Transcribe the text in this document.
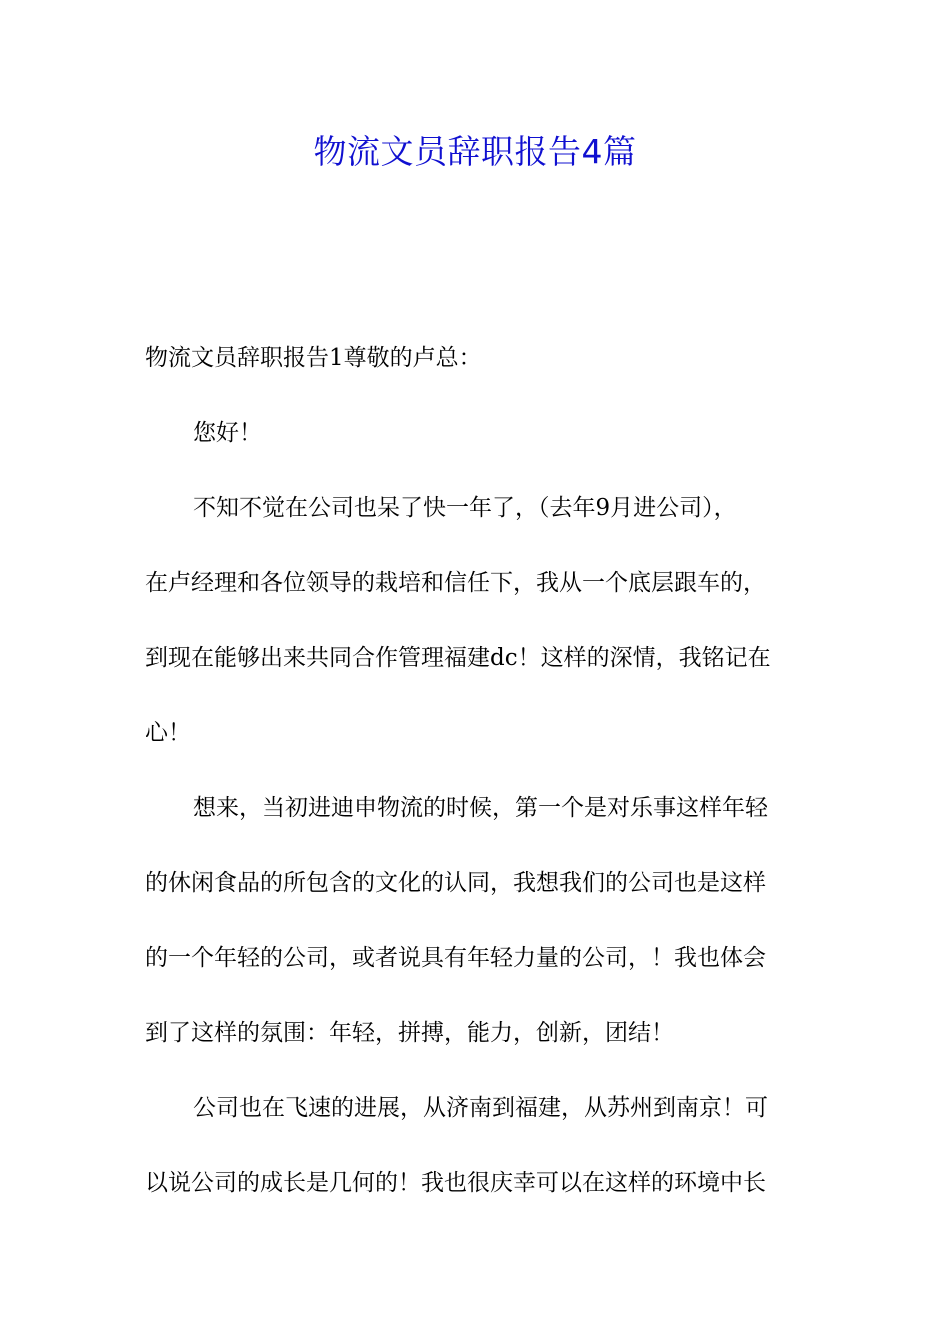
物流文员辞职报告4篇
物流文员辞职报告1尊敬的卢总：
您好！
不知不觉在公司也呆了快一年了，（去年9月进公司），
在卢经理和各位领导的栽培和信任下，我从一个底层跟车的，
到现在能够出来共同合作管理福建dc！这样的深情，我铭记在
心！
想来，当初进迪申物流的时候，第一个是对乐事这样年轻
的休闲食品的所包含的文化的认同，我想我们的公司也是这样
的一个年轻的公司，或者说具有年轻力量的公司，！我也体会
到了这样的氛围：年轻，拼搏，能力，创新，团结！
公司也在飞速的进展，从济南到福建，从苏州到南京！可
以说公司的成长是几何的！我也很庆幸可以在这样的环境中长
